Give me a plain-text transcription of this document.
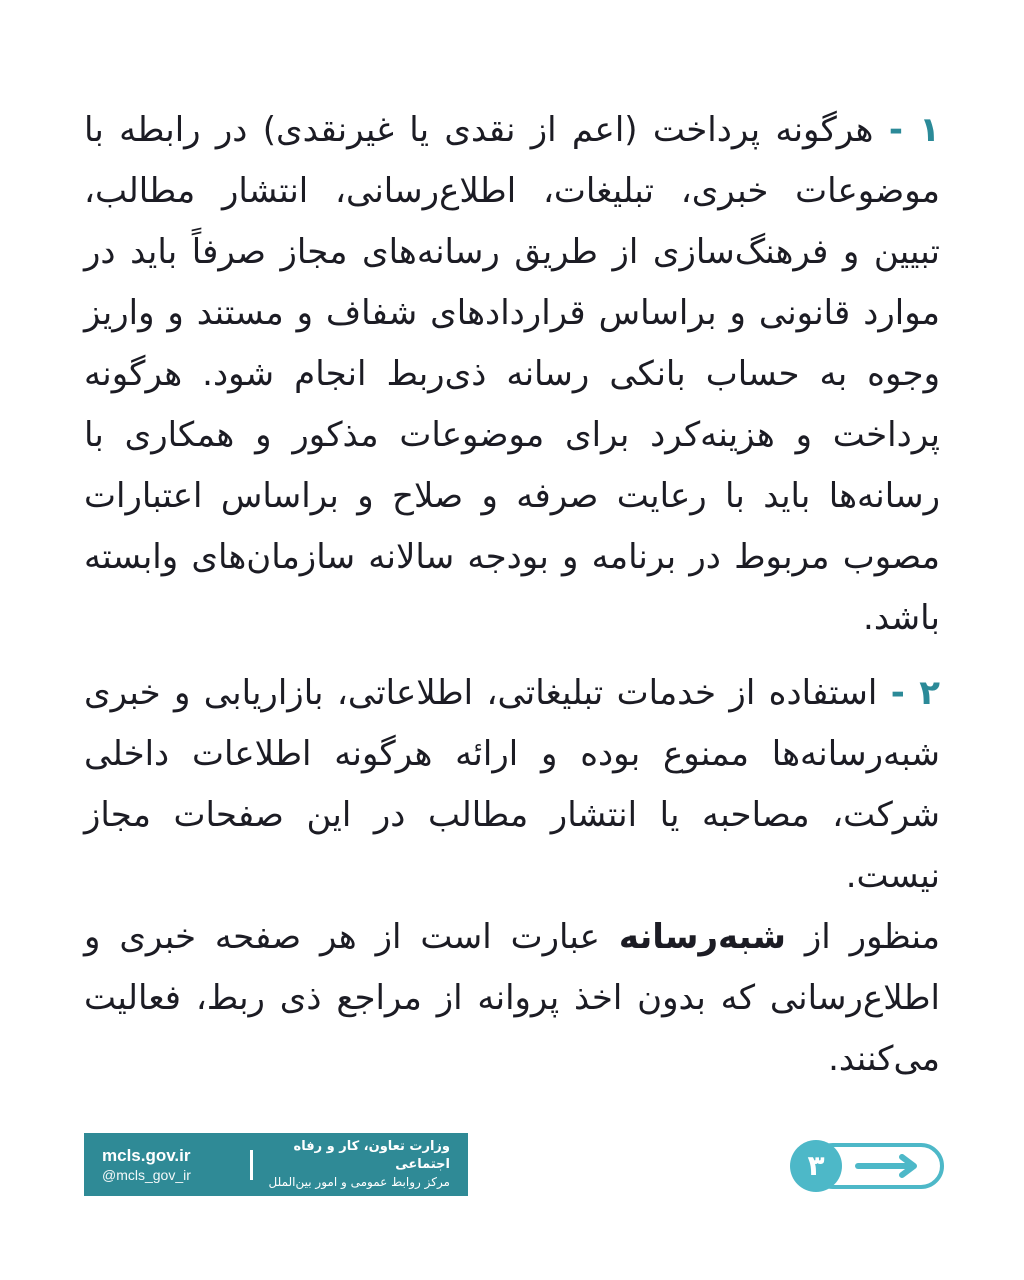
۱ - هرگونه پرداخت (اعم از نقدی یا غیرنقدی) در رابطه با موضوعات خبری، تبلیغات، اطلاع‌رسانی، انتشار مطالب، تبیین و فرهنگ‌سازی از طریق رسانه‌های مجاز صرفاً باید در موارد قانونی و براساس قراردادهای شفاف و مستند و واریز وجوه به حساب بانکی رسانه ذی‌ربط انجام شود. هرگونه پرداخت و هزینه‌کرد برای موضوعات مذکور و همکاری با رسانه‌ها باید با رعایت صرفه و صلاح و براساس اعتبارات مصوب مربوط در برنامه و بودجه سالانه سازمان‌های وابسته باشد.

۲ - استفاده از خدمات تبلیغاتی، اطلاعاتی، بازاریابی و خبری شبه‌رسانه‌ها ممنوع بوده و ارائه هرگونه اطلاعات داخلی شرکت، مصاحبه یا انتشار مطالب در این صفحات مجاز نیست.

منظور از شبه‌رسانه عبارت است از هر صفحه خبری و اطلاع‌رسانی که بدون اخذ پروانه از مراجع ذی ربط، فعالیت می‌کنند.

mcls.gov.ir
@mcls_gov_ir
وزارت تعاون، کار و رفاه اجتماعی
مرکز روابط عمومی و امور بین‌الملل	۳
